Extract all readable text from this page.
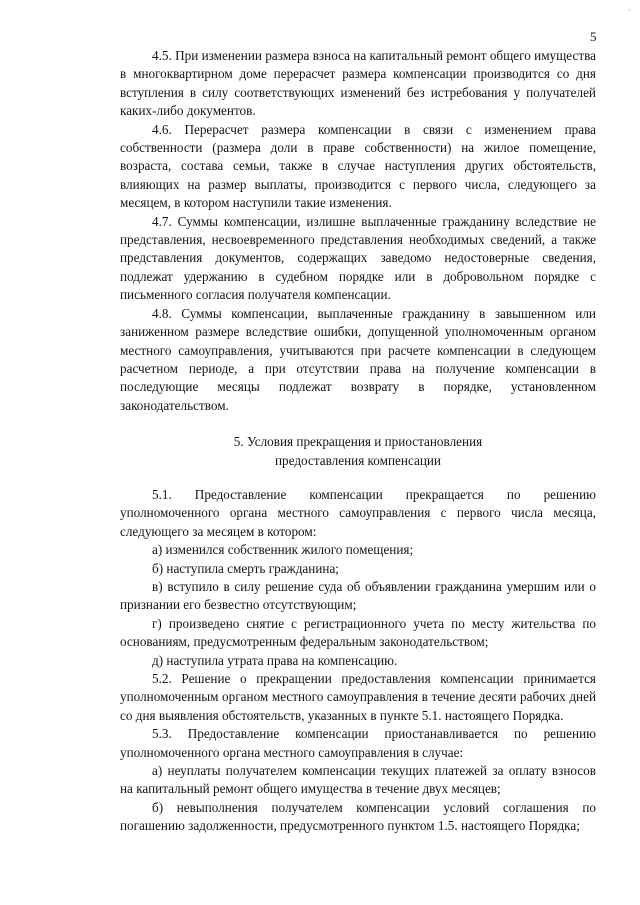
·
5

4.5. При изменении размера взноса на капитальный ремонт общего имущества в многоквартирном доме перерасчет размера компенсации производится со дня вступления в силу соответствующих изменений без истребования у получателей каких-либо документов.

4.6. Перерасчет размера компенсации в связи с изменением права собственности (размера доли в праве собственности) на жилое помещение, возраста, состава семьи, также в случае наступления других обстоятельств, влияющих на размер выплаты, производится с первого числа, следующего за месяцем, в котором наступили такие изменения.

4.7. Суммы компенсации, излишне выплаченные гражданину вследствие не представления, несвоевременного представления необходимых сведений, а также представления документов, содержащих заведомо недостоверные сведения, подлежат удержанию в судебном порядке или в добровольном порядке с письменного согласия получателя компенсации.

4.8. Суммы компенсации, выплаченные гражданину в завышенном или заниженном размере вследствие ошибки, допущенной уполномоченным органом местного самоуправления, учитываются при расчете компенсации в следующем расчетном периоде, а при отсутствии права на получение компенсации в последующие месяцы подлежат возврату в порядке, установленном законодательством.

5. Условия прекращения и приостановления
предоставления компенсации

5.1. Предоставление компенсации прекращается по решению уполномоченного органа местного самоуправления с первого числа месяца, следующего за месяцем в котором:

а) изменился собственник жилого помещения;

б) наступила смерть гражданина;

в) вступило в силу решение суда об объявлении гражданина умершим или о признании его безвестно отсутствующим;

г) произведено снятие с регистрационного учета по месту жительства по основаниям, предусмотренным федеральным законодательством;

д) наступила утрата права на компенсацию.

5.2. Решение о прекращении предоставления компенсации принимается уполномоченным органом местного самоуправления в течение десяти рабочих дней со дня выявления обстоятельств, указанных в пункте 5.1. настоящего Порядка.

5.3. Предоставление компенсации приостанавливается по решению уполномоченного органа местного самоуправления в случае:

а) неуплаты получателем компенсации текущих платежей за оплату взносов на капитальный ремонт общего имущества в течение двух месяцев;

б) невыполнения получателем компенсации условий соглашения по погашению задолженности, предусмотренного пунктом 1.5. настоящего Порядка;
